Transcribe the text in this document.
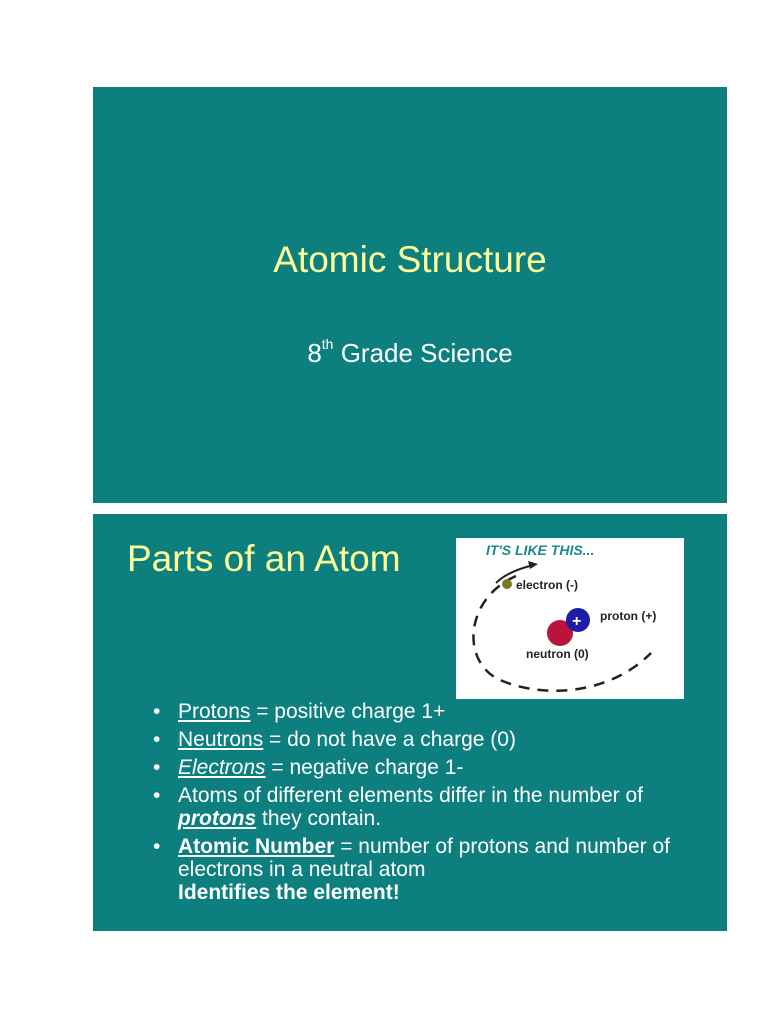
Atomic Structure
8th Grade Science
Parts of an Atom	IT'S LIKE THIS...
electron (-)
+ proton (+)
neutron (0)
• Protons = positive charge 1+
• Neutrons = do not have a charge (0)
• Electrons = negative charge 1-
• Atoms of different elements differ in the number of protons they contain.
• Atomic Number = number of protons and number of electrons in a neutral atom
Identifies the element!
